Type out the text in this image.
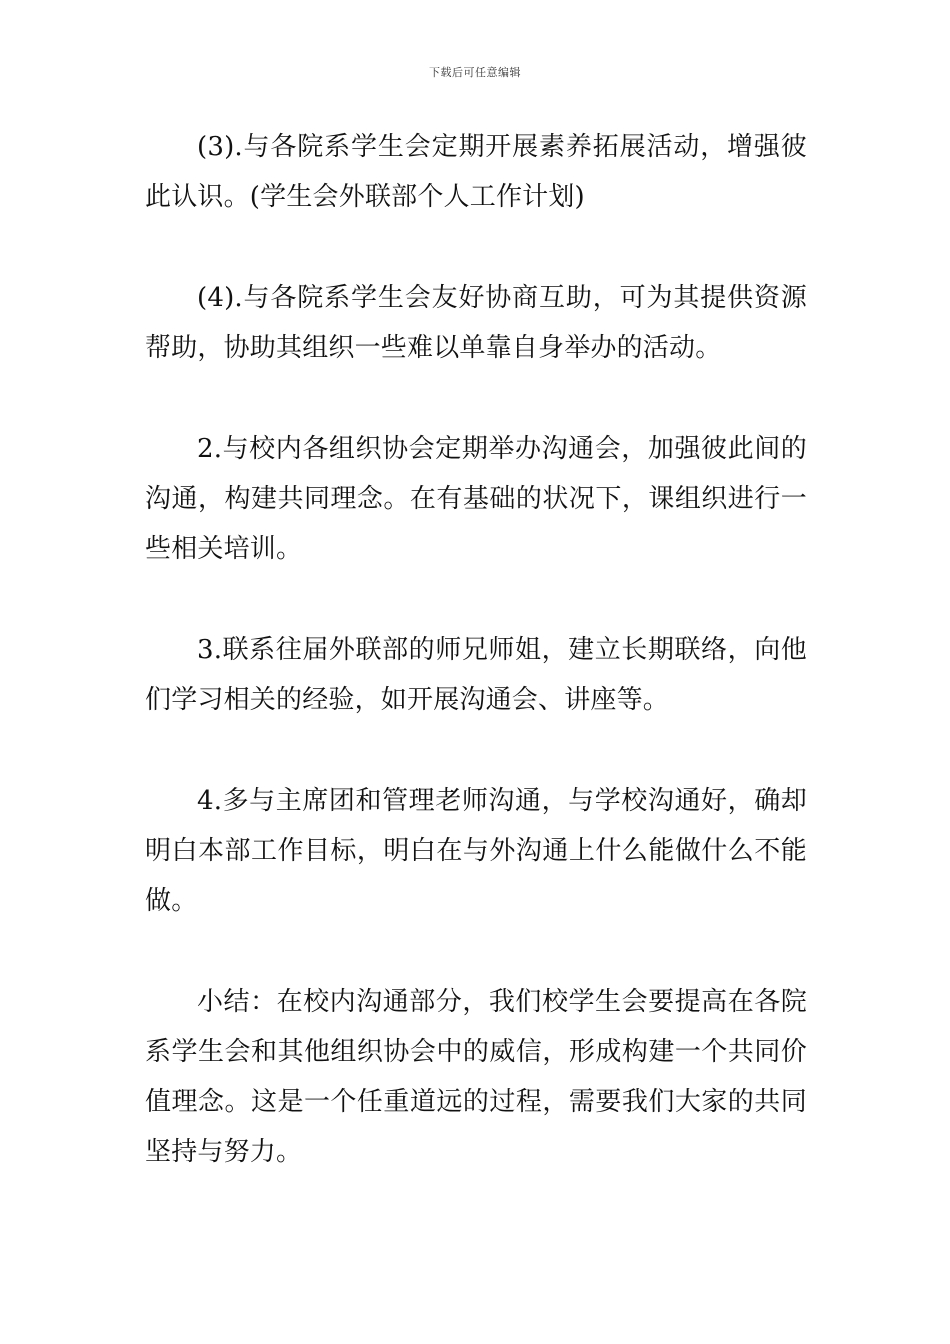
下载后可任意编辑

(3).与各院系学生会定期开展素养拓展活动，增强彼此认识。(学生会外联部个人工作计划)

(4).与各院系学生会友好协商互助，可为其提供资源帮助，协助其组织一些难以单靠自身举办的活动。

2.与校内各组织协会定期举办沟通会，加强彼此间的沟通，构建共同理念。在有基础的状况下，课组织进行一些相关培训。

3.联系往届外联部的师兄师姐，建立长期联络，向他们学习相关的经验，如开展沟通会、讲座等。

4.多与主席团和管理老师沟通，与学校沟通好，确却明白本部工作目标，明白在与外沟通上什么能做什么不能做。

小结：在校内沟通部分，我们校学生会要提高在各院系学生会和其他组织协会中的威信，形成构建一个共同价值理念。这是一个任重道远的过程，需要我们大家的共同坚持与努力。
